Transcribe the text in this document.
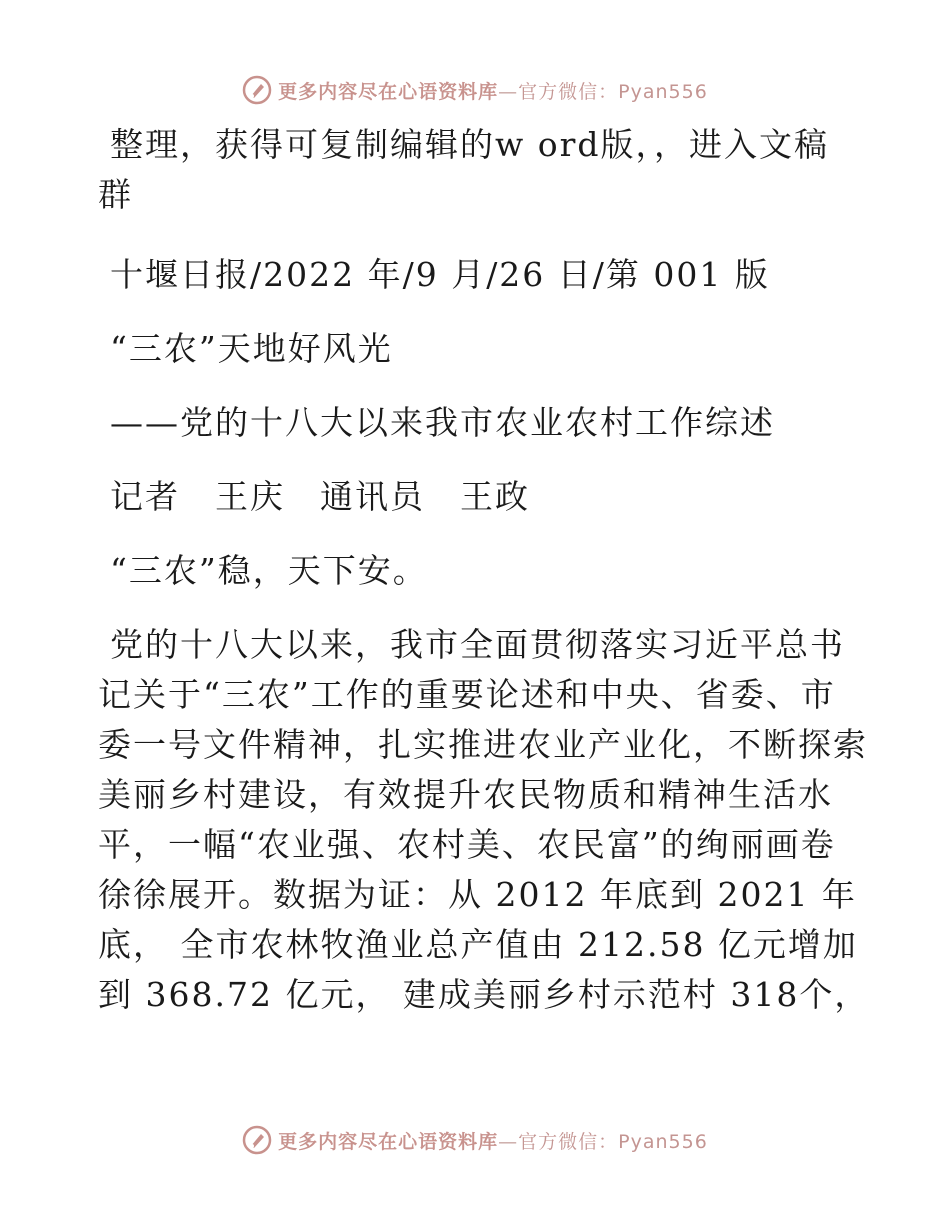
更多内容尽在心语资料库—官方微信：Pyan556
整理，获得可复制编辑的w ord版，，进入文稿
群
十堰日报/2022 年/9 月/26 日/第 001 版
“三农”天地好风光
——党的十八大以来我市农业农村工作综述
记者　王庆　通讯员　王政
“三农”稳，天下安。
党的十八大以来，我市全面贯彻落实习近平总书
记关于“三农”工作的重要论述和中央、省委、市
委一号文件精神，扎实推进农业产业化，不断探索
美丽乡村建设，有效提升农民物质和精神生活水
平，一幅“农业强、农村美、农民富”的绚丽画卷
徐徐展开。数据为证：从 2012 年底到 2021 年
底， 全市农林牧渔业总产值由 212.58 亿元增加
到 368.72 亿元， 建成美丽乡村示范村 318个，
更多内容尽在心语资料库—官方微信：Pyan556
